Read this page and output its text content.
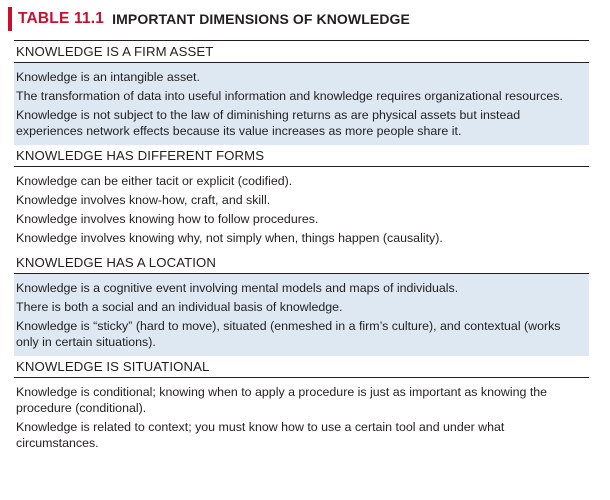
TABLE 11.1 IMPORTANT DIMENSIONS OF KNOWLEDGE
KNOWLEDGE IS A FIRM ASSET

Knowledge is an intangible asset.

The transformation of data into useful information and knowledge requires organizational resources.

Knowledge is not subject to the law of diminishing returns as are physical assets but instead experiences network effects because its value increases as more people share it.

KNOWLEDGE HAS DIFFERENT FORMS

Knowledge can be either tacit or explicit (codified).

Knowledge involves know-how, craft, and skill.

Knowledge involves knowing how to follow procedures.

Knowledge involves knowing why, not simply when, things happen (causality).

KNOWLEDGE HAS A LOCATION

Knowledge is a cognitive event involving mental models and maps of individuals.

There is both a social and an individual basis of knowledge.

Knowledge is “sticky” (hard to move), situated (enmeshed in a firm’s culture), and contextual (works only in certain situations).

KNOWLEDGE IS SITUATIONAL

Knowledge is conditional; knowing when to apply a procedure is just as important as knowing the procedure (conditional).

Knowledge is related to context; you must know how to use a certain tool and under what circumstances.
